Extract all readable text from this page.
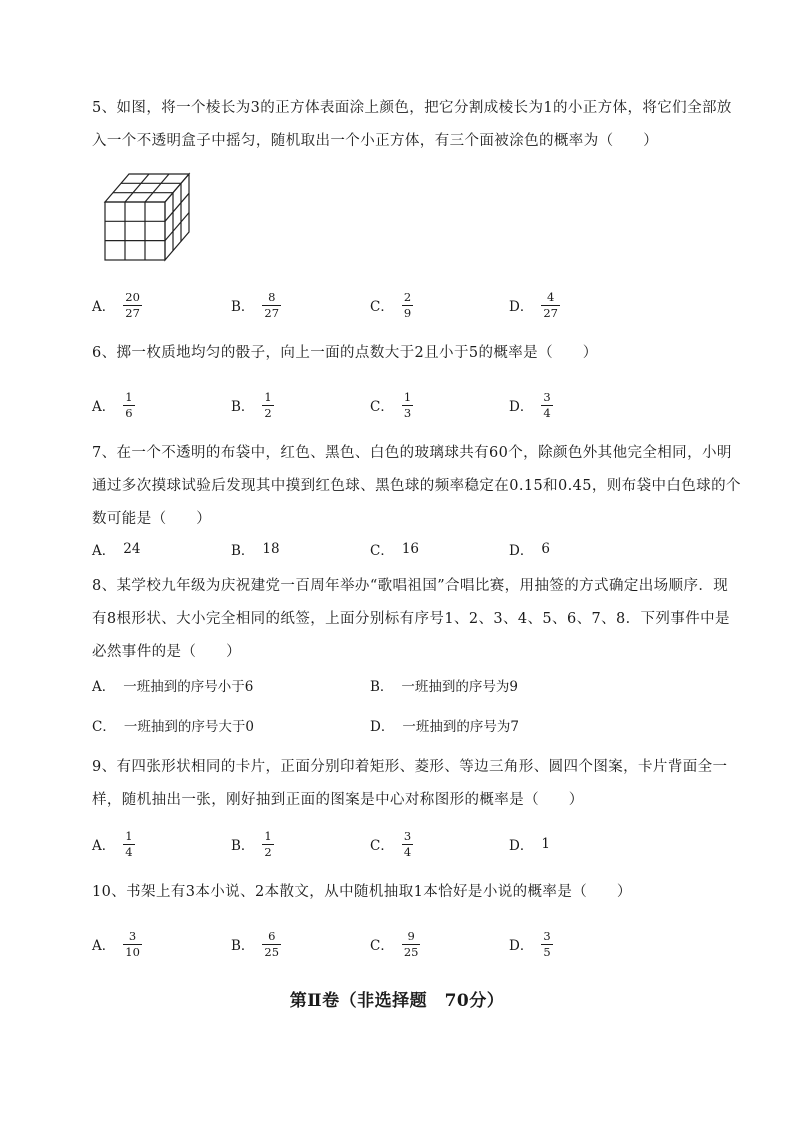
5、如图，将一个棱长为3的正方体表面涂上颜色，把它分割成棱长为1的小正方体，将它们全部放入一个不透明盒子中摇匀，随机取出一个小正方体，有三个面被涂色的概率为（　　）
A． $\frac{20}{27}$	B． $\frac{8}{27}$	C． $\frac{2}{9}$	D． $\frac{4}{27}$
6、掷一枚质地均匀的骰子，向上一面的点数大于2且小于5的概率是（　　）
A． $\frac{1}{6}$	B． $\frac{1}{2}$	C． $\frac{1}{3}$	D． $\frac{3}{4}$
7、在一个不透明的布袋中，红色、黑色、白色的玻璃球共有60个，除颜色外其他完全相同，小明通过多次摸球试验后发现其中摸到红色球、黑色球的频率稳定在0.15和0.45，则布袋中白色球的个数可能是（　　）
A． 24	B． 18	C． 16	D． 6
8、某学校九年级为庆祝建党一百周年举办“歌唱祖国”合唱比赛，用抽签的方式确定出场顺序．现有8根形状、大小完全相同的纸签，上面分别标有序号1、2、3、4、5、6、7、8．下列事件中是必然事件的是（　　）
A． 一班抽到的序号小于6	B． 一班抽到的序号为9
C． 一班抽到的序号大于0	D． 一班抽到的序号为7
9、有四张形状相同的卡片，正面分别印着矩形、菱形、等边三角形、圆四个图案，卡片背面全一样，随机抽出一张，刚好抽到正面的图案是中心对称图形的概率是（　　）
A． $\frac{1}{4}$	B． $\frac{1}{2}$	C． $\frac{3}{4}$	D． 1
10、书架上有3本小说、2本散文，从中随机抽取1本恰好是小说的概率是（　　）
A． $\frac{3}{10}$	B． $\frac{6}{25}$	C． $\frac{9}{25}$	D． $\frac{3}{5}$
第Ⅱ卷（非选择题　70分）
